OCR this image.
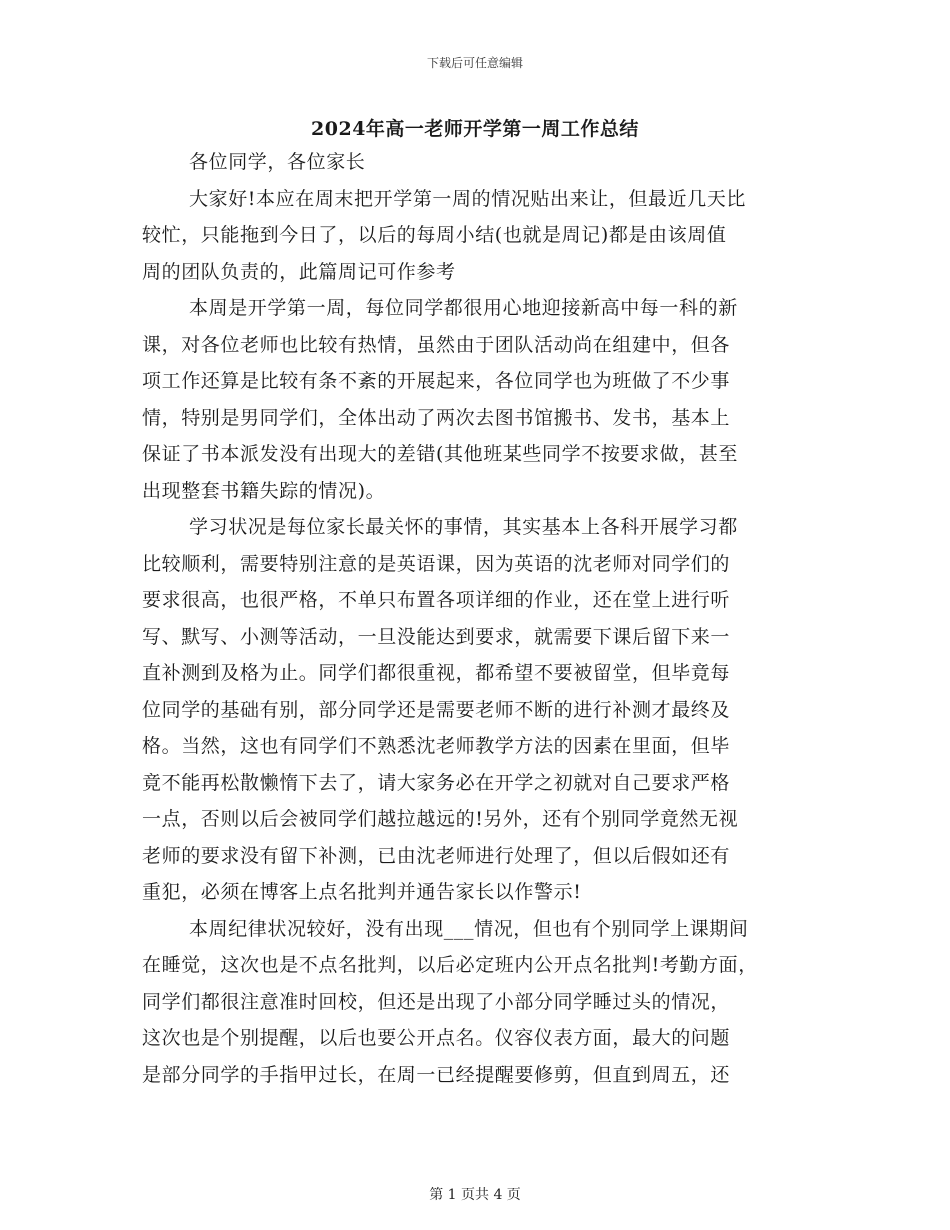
下载后可任意编辑
2024年高一老师开学第一周工作总结
各位同学，各位家长
大家好!本应在周末把开学第一周的情况贴出来让，但最近几天比
较忙，只能拖到今日了，以后的每周小结(也就是周记)都是由该周值
周的团队负责的，此篇周记可作参考
本周是开学第一周，每位同学都很用心地迎接新高中每一科的新
课，对各位老师也比较有热情，虽然由于团队活动尚在组建中，但各
项工作还算是比较有条不紊的开展起来，各位同学也为班做了不少事
情，特别是男同学们，全体出动了两次去图书馆搬书、发书，基本上
保证了书本派发没有出现大的差错(其他班某些同学不按要求做，甚至
出现整套书籍失踪的情况)。
学习状况是每位家长最关怀的事情，其实基本上各科开展学习都
比较顺利，需要特别注意的是英语课，因为英语的沈老师对同学们的
要求很高，也很严格，不单只布置各项详细的作业，还在堂上进行听
写、默写、小测等活动，一旦没能达到要求，就需要下课后留下来一
直补测到及格为止。同学们都很重视，都希望不要被留堂，但毕竟每
位同学的基础有别，部分同学还是需要老师不断的进行补测才最终及
格。当然，这也有同学们不熟悉沈老师教学方法的因素在里面，但毕
竟不能再松散懒惰下去了，请大家务必在开学之初就对自己要求严格
一点，否则以后会被同学们越拉越远的!另外，还有个别同学竟然无视
老师的要求没有留下补测，已由沈老师进行处理了，但以后假如还有
重犯，必须在博客上点名批判并通告家长以作警示!
本周纪律状况较好，没有出现___情况，但也有个别同学上课期间
在睡觉，这次也是不点名批判，以后必定班内公开点名批判!考勤方面，
同学们都很注意准时回校，但还是出现了小部分同学睡过头的情况，
这次也是个别提醒，以后也要公开点名。仪容仪表方面，最大的问题
是部分同学的手指甲过长，在周一已经提醒要修剪，但直到周五，还
第 1 页共 4 页
